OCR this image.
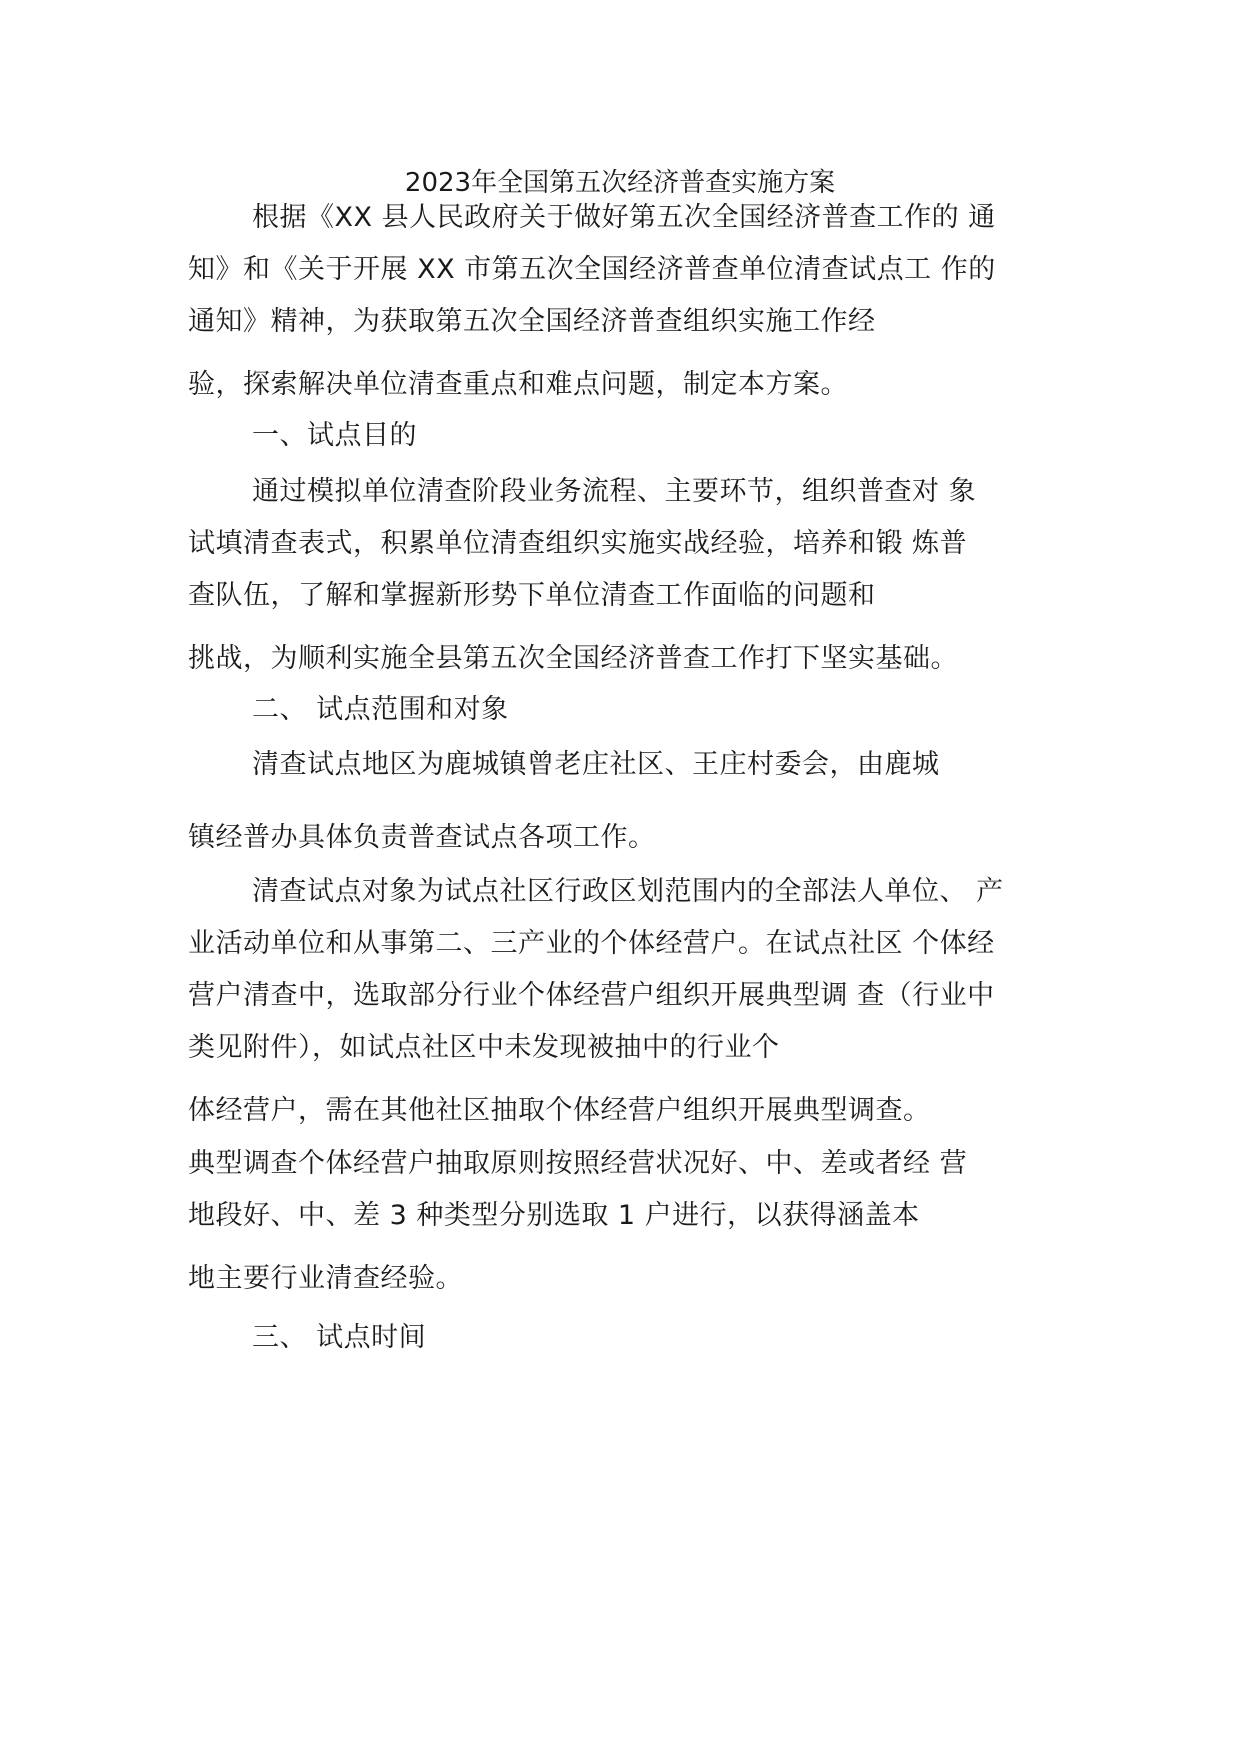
2023年全国第五次经济普查实施方案
根据《XX 县人民政府关于做好第五次全国经济普查工作的 通
知》和《关于开展 XX 市第五次全国经济普查单位清查试点工 作的
通知》精神，为获取第五次全国经济普查组织实施工作经
验，探索解决单位清查重点和难点问题，制定本方案。
一、试点目的
通过模拟单位清查阶段业务流程、主要环节，组织普查对 象
试填清查表式，积累单位清查组织实施实战经验，培养和锻 炼普
查队伍，了解和掌握新形势下单位清查工作面临的问题和
挑战，为顺利实施全县第五次全国经济普查工作打下坚实基础。
二、 试点范围和对象
清查试点地区为鹿城镇曾老庄社区、王庄村委会，由鹿城
镇经普办具体负责普查试点各项工作。
清查试点对象为试点社区行政区划范围内的全部法人单位、 产
业活动单位和从事第二、三产业的个体经营户。在试点社区 个体经
营户清查中，选取部分行业个体经营户组织开展典型调 查（行业中
类见附件），如试点社区中未发现被抽中的行业个
体经营户，需在其他社区抽取个体经营户组织开展典型调查。
典型调查个体经营户抽取原则按照经营状况好、中、差或者经 营
地段好、中、差 3 种类型分别选取 1 户进行，以获得涵盖本
地主要行业清查经验。
三、 试点时间
